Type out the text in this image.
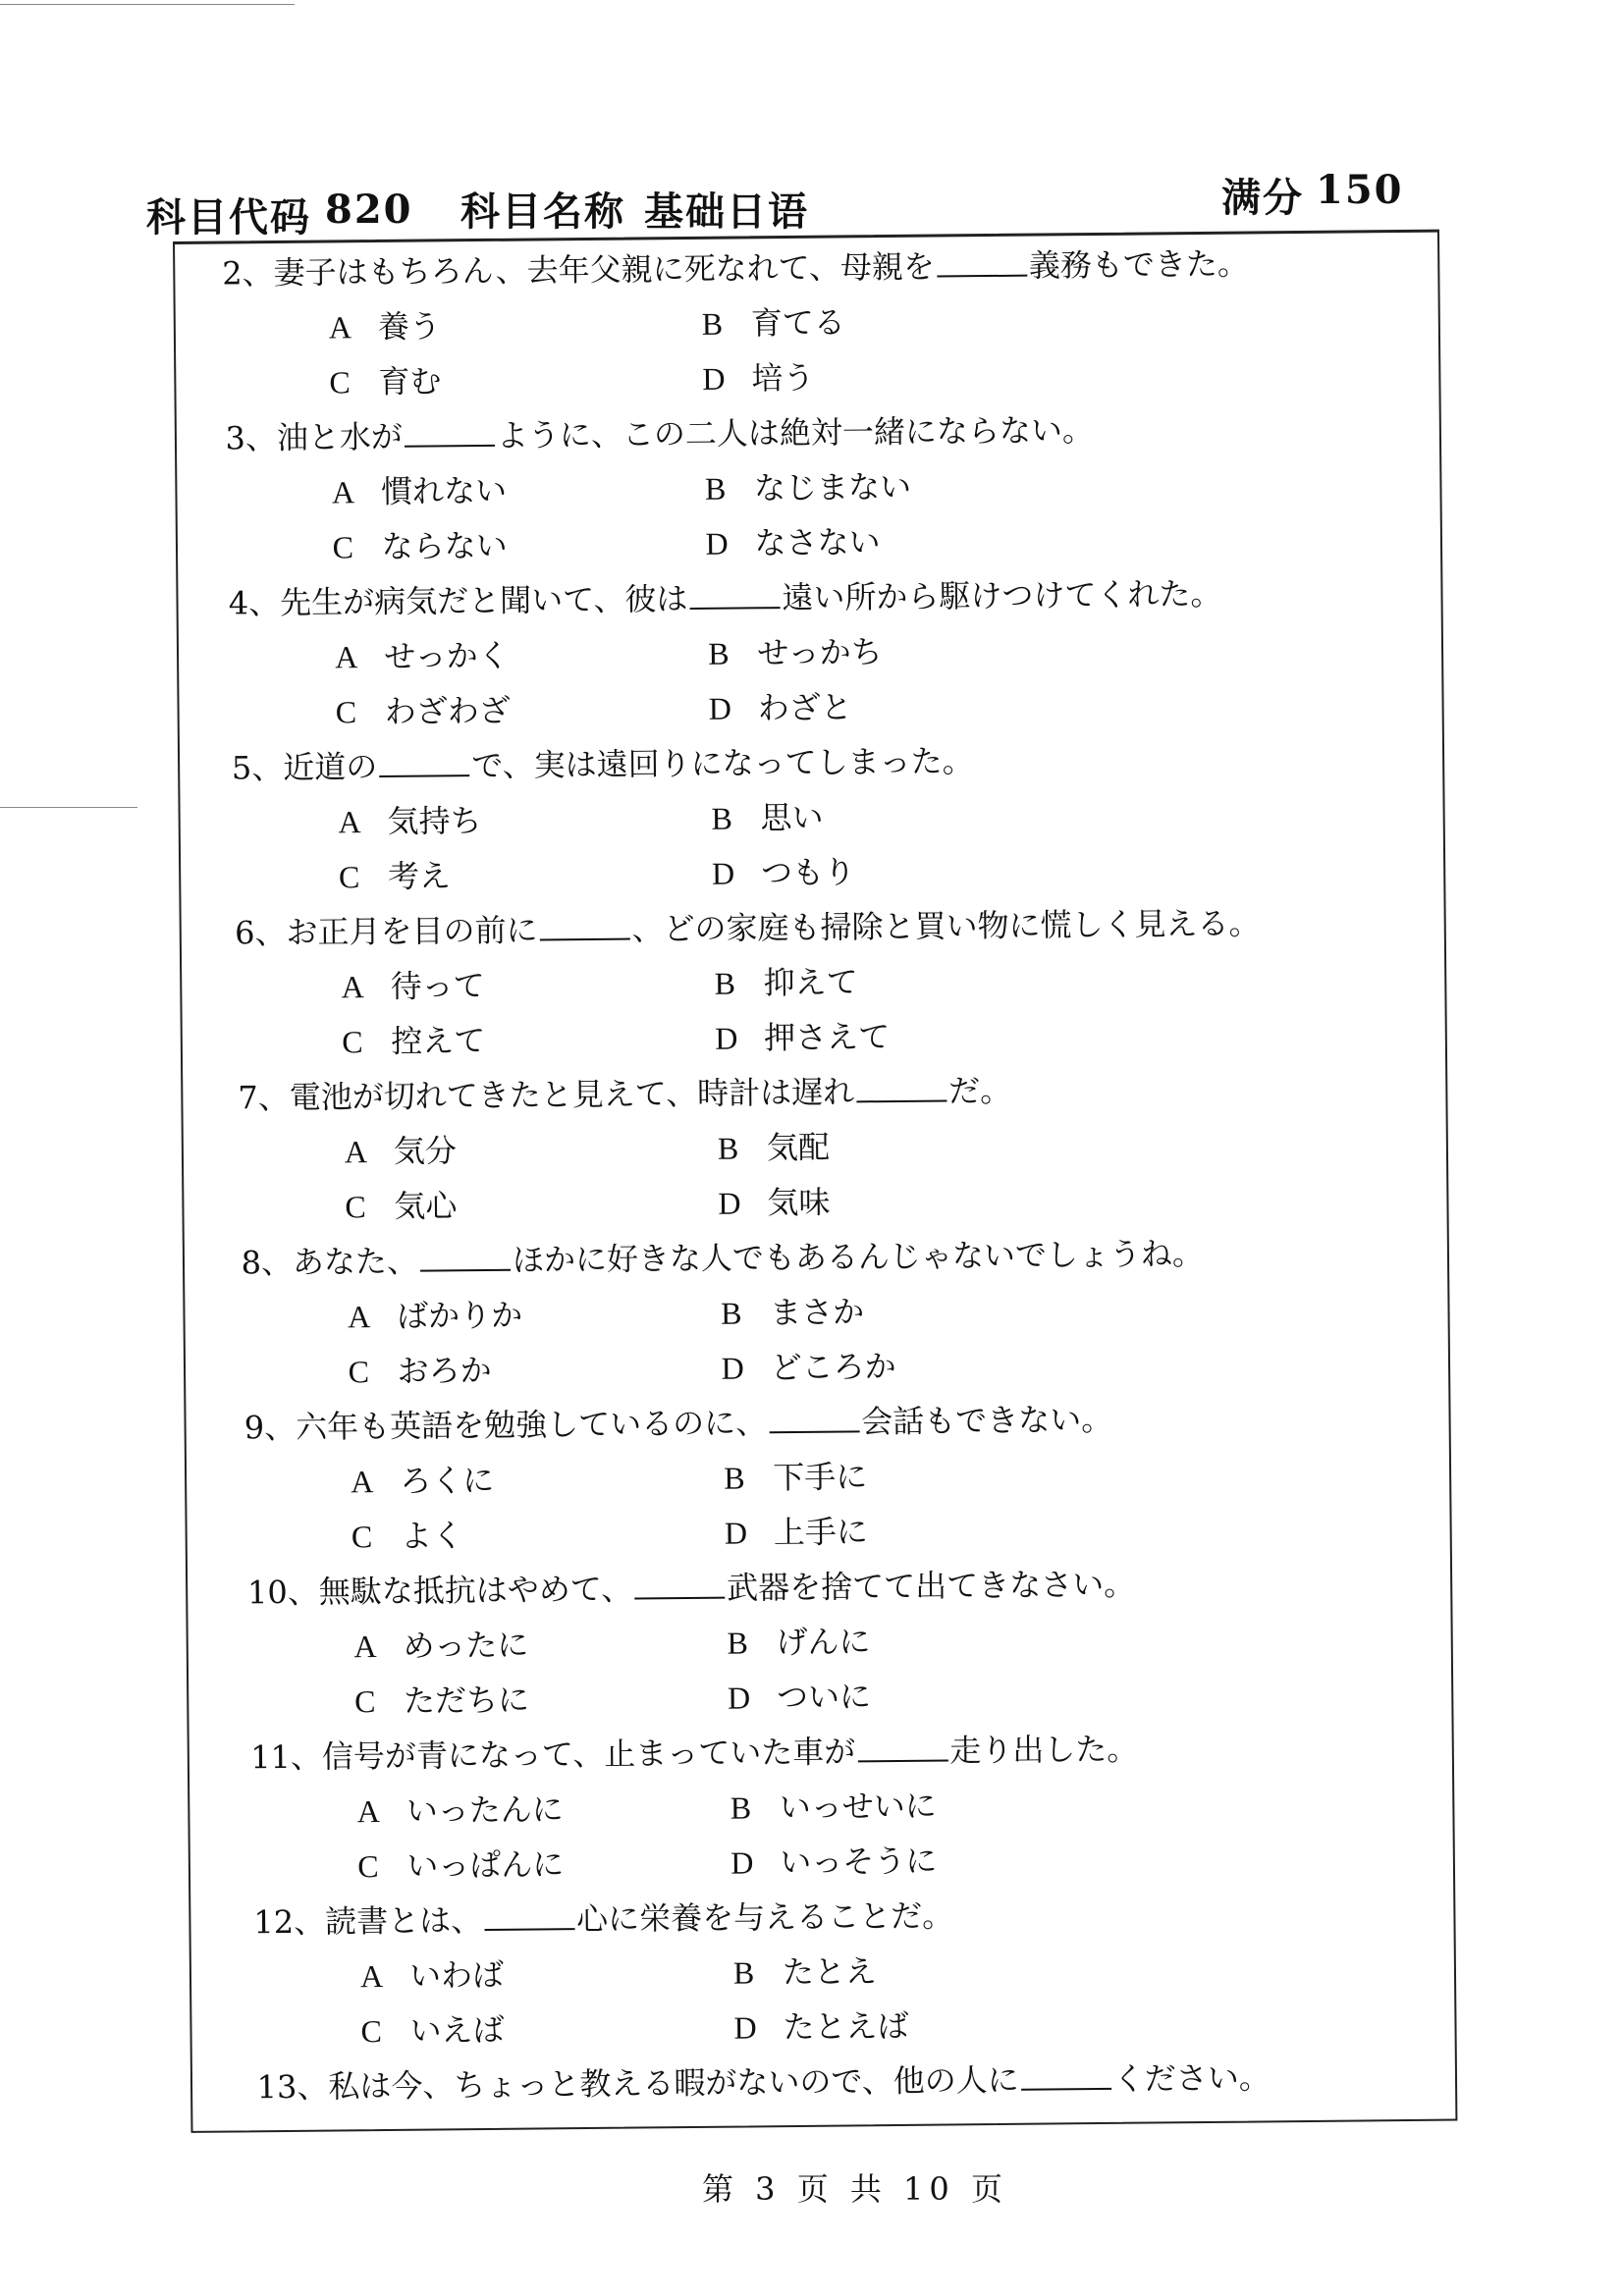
科目代码 820 科目名称 基础日语	满分 150
2、妻子はもちろん、去年父親に死なれて、母親を	義務もできた。
A 養う	B 育てる
C 育む	D 培う
3、油と水が	ように、この二人は絶対一緒にならない。
A 慣れない	B なじまない
C ならない	D なさない
4、先生が病気だと聞いて、彼は	遠い所から駆けつけてくれた。
A せっかく	B せっかち
C わざわざ	D わざと
5、近道の	で、実は遠回りになってしまった。
A 気持ち	B 思い
C 考え	D つもり
6、お正月を目の前に	、どの家庭も掃除と買い物に慌しく見える。
A 待って	B 抑えて
C 控えて	D 押さえて
7、電池が切れてきたと見えて、時計は遅れ	だ。
A 気分	B 気配
C 気心	D 気味
8、あなた、	ほかに好きな人でもあるんじゃないでしょうね。
A ばかりか	B まさか
C おろか	D どころか
9、六年も英語を勉強しているのに、	会話もできない。
A ろくに	B 下手に
C よく	D 上手に
10、無駄な抵抗はやめて、	武器を捨てて出てきなさい。
A めったに	B げんに
C ただちに	D ついに
11、信号が青になって、止まっていた車が	走り出した。
A いったんに	B いっせいに
C いっぱんに	D いっそうに
12、読書とは、	心に栄養を与えることだ。
A いわば	B たとえ
C いえば	D たとえば
13、私は今、ちょっと教える暇がないので、他の人に	ください。
第 3 页 共 10 页
